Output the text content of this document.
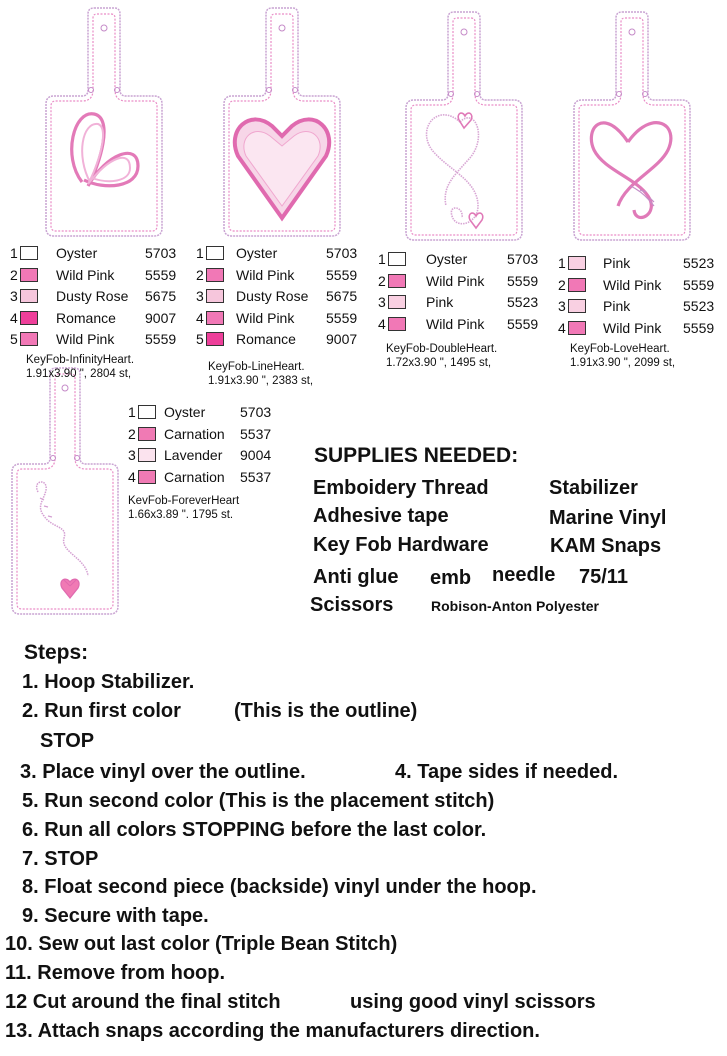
1	Oyster	5703
2	Wild Pink 5559
3	Dusty Rose 5675
4	Romance 9007
5	Wild Pink 5559
KeyFob-InfinityHeart.
1.91x3.90 ", 2804 st,
1 Oyster	5703
2 Wild Pink 5559
3 Dusty Rose 5675
4 Wild Pink 5559
5 Romance 9007
KeyFob-LineHeart.
1.91x3.90 ", 2383 st,
1	Oyster	5703
2	Wild Pink 5559
3	Pink	5523
4	Wild Pink 5559
KeyFob-DoubleHeart.
1.72x3.90 ", 1495 st,
1	Pink	5523
2	Wild Pink 5559
3	Pink	5523
4	Wild Pink 5559
KeyFob-LoveHeart.
1.91x3.90 ", 2099 st,
1 Oyster 5703
2 Carnation 5537
3 Lavender 9004
4 Carnation 5537
KevFob-ForeverHeart
1.66x3.89 ". 1795 st.
SUPPLIES NEEDED:
Emboidery Thread	Stabilizer
Adhesive tape	Marine Vinyl
Key Fob Hardware	KAM Snaps
Anti glue emb needle 75/11
Scissors	Robison-Anton Polyester
Steps:
1. Hoop Stabilizer.
2. Run first color	(This is the outline)
STOP
3. Place vinyl over the outline.	4. Tape sides if needed.
5. Run second color (This is the placement stitch)
6. Run all colors STOPPING before the last color.
7. STOP
8. Float second piece (backside) vinyl under the hoop.
9. Secure with tape.
10. Sew out last color (Triple Bean Stitch)
11. Remove from hoop.
12 Cut around the final stitch	using good vinyl scissors
13. Attach snaps according the manufacturers direction.
